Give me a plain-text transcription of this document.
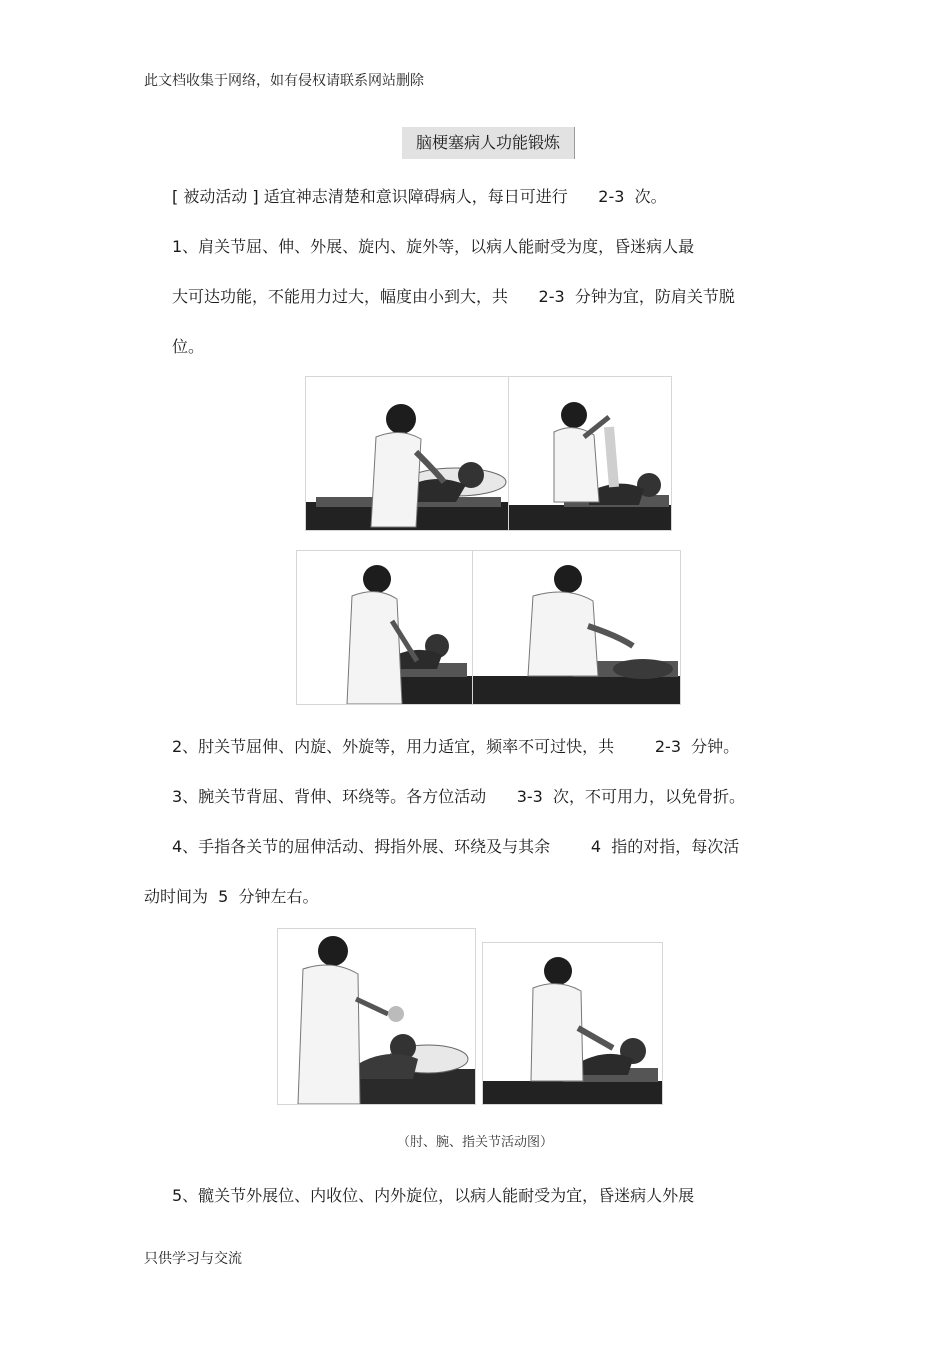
此文档收集于网络，如有侵权请联系网站删除
脑梗塞病人功能锻炼
[ 被动活动 ] 适宜神志清楚和意识障碍病人，每日可进行      2-3  次。
1、肩关节屈、伸、外展、旋内、旋外等，以病人能耐受为度，昏迷病人最
大可达功能，不能用力过大，幅度由小到大，共      2-3  分钟为宜，防肩关节脱
位。
2、肘关节屈伸、内旋、外旋等，用力适宜，频率不可过快，共        2-3  分钟。
3、腕关节背屈、背伸、环绕等。各方位活动      3-3  次，不可用力，以免骨折。
4、手指各关节的屈伸活动、拇指外展、环绕及与其余        4  指的对指，每次活
动时间为  5  分钟左右。
（肘、腕、指关节活动图）
5、髋关节外展位、内收位、内外旋位，以病人能耐受为宜，昏迷病人外展
只供学习与交流
